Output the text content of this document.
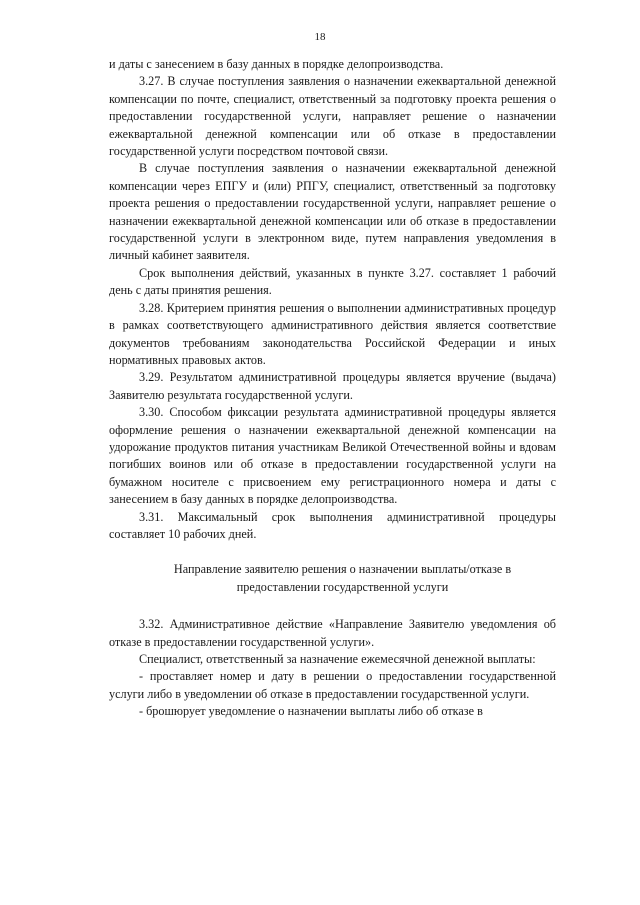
18

и даты с занесением в базу данных в порядке делопроизводства.

3.27. В случае поступления заявления о назначении ежеквартальной денежной компенсации по почте, специалист, ответственный за подготовку проекта решения о предоставлении государственной услуги, направляет решение о назначении ежеквартальной денежной компенсации или об отказе в предоставлении государственной услуги посредством почтовой связи.

В случае поступления заявления о назначении ежеквартальной денежной компенсации через ЕПГУ и (или) РПГУ, специалист, ответственный за подготовку проекта решения о предоставлении государственной услуги, направляет решение о назначении ежеквартальной денежной компенсации или об отказе в предоставлении государственной услуги в электронном виде, путем направления уведомления в личный кабинет заявителя.

Срок выполнения действий, указанных в пункте 3.27. составляет 1 рабочий день с даты принятия решения.

3.28. Критерием принятия решения о выполнении административных процедур в рамках соответствующего административного действия является соответствие документов требованиям законодательства Российской Федерации и иных нормативных правовых актов.

3.29. Результатом административной процедуры является вручение (выдача) Заявителю результата государственной услуги.

3.30. Способом фиксации результата административной процедуры является оформление решения о назначении ежеквартальной денежной компенсации на удорожание продуктов питания участникам Великой Отечественной войны и вдовам погибших воинов или об отказе в предоставлении государственной услуги на бумажном носителе с присвоением ему регистрационного номера и даты с занесением в базу данных в порядке делопроизводства.

3.31. Максимальный срок выполнения административной процедуры составляет 10 рабочих дней.

Направление заявителю решения о назначении выплаты/отказе в
предоставлении государственной услуги

3.32. Административное действие «Направление Заявителю уведомления об отказе в предоставлении государственной услуги».

Специалист, ответственный за назначение ежемесячной денежной выплаты:

- проставляет номер и дату в решении о предоставлении государственной услуги либо в уведомлении об отказе в предоставлении государственной услуги.

- брошюрует уведомление о назначении выплаты либо об отказе в
